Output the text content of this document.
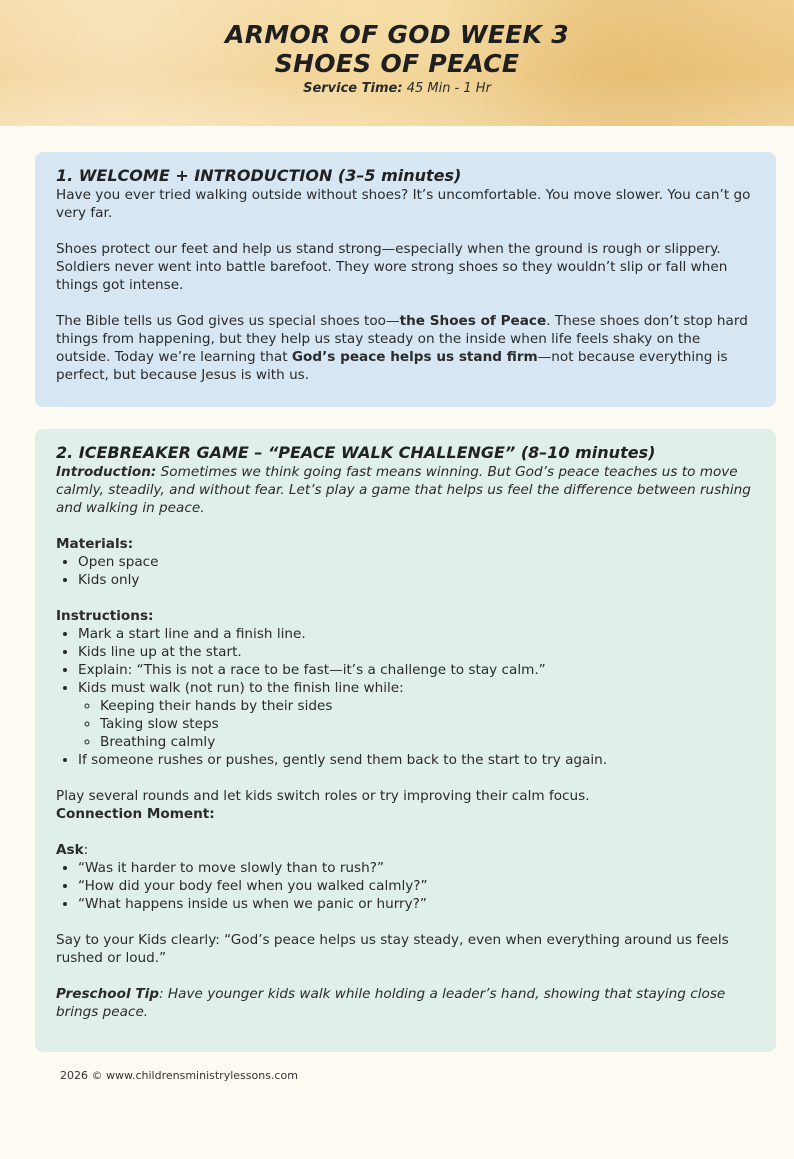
ARMOR OF GOD WEEK 3
SHOES OF PEACE
Service Time: 45 Min - 1 Hr
1. WELCOME + INTRODUCTION (3–5 minutes)

Have you ever tried walking outside without shoes? It’s uncomfortable. You move slower. You can’t go very far.

Shoes protect our feet and help us stand strong—especially when the ground is rough or slippery. Soldiers never went into battle barefoot. They wore strong shoes so they wouldn’t slip or fall when things got intense.

The Bible tells us God gives us special shoes too—the Shoes of Peace. These shoes don’t stop hard things from happening, but they help us stay steady on the inside when life feels shaky on the outside. Today we’re learning that God’s peace helps us stand firm—not because everything is perfect, but because Jesus is with us.

2. ICEBREAKER GAME – “PEACE WALK CHALLENGE” (8–10 minutes)

Introduction: Sometimes we think going fast means winning. But God’s peace teaches us to move calmly, steadily, and without fear. Let’s play a game that helps us feel the difference between rushing and walking in peace.

Materials:

• Open space
• Kids only

Instructions:

• Mark a start line and a finish line.
• Kids line up at the start.
• Explain: “This is not a race to be fast—it’s a challenge to stay calm.”
• Kids must walk (not run) to the finish line while:
◦ Keeping their hands by their sides
◦ Taking slow steps
◦ Breathing calmly
• If someone rushes or pushes, gently send them back to the start to try again.

Play several rounds and let kids switch roles or try improving their calm focus.

Connection Moment:

Ask:

• “Was it harder to move slowly than to rush?”
• “How did your body feel when you walked calmly?”
• “What happens inside us when we panic or hurry?”

Say to your Kids clearly: “God’s peace helps us stay steady, even when everything around us feels rushed or loud.”

Preschool Tip: Have younger kids walk while holding a leader’s hand, showing that staying close brings peace.

2026 © www.childrensministrylessons.com
